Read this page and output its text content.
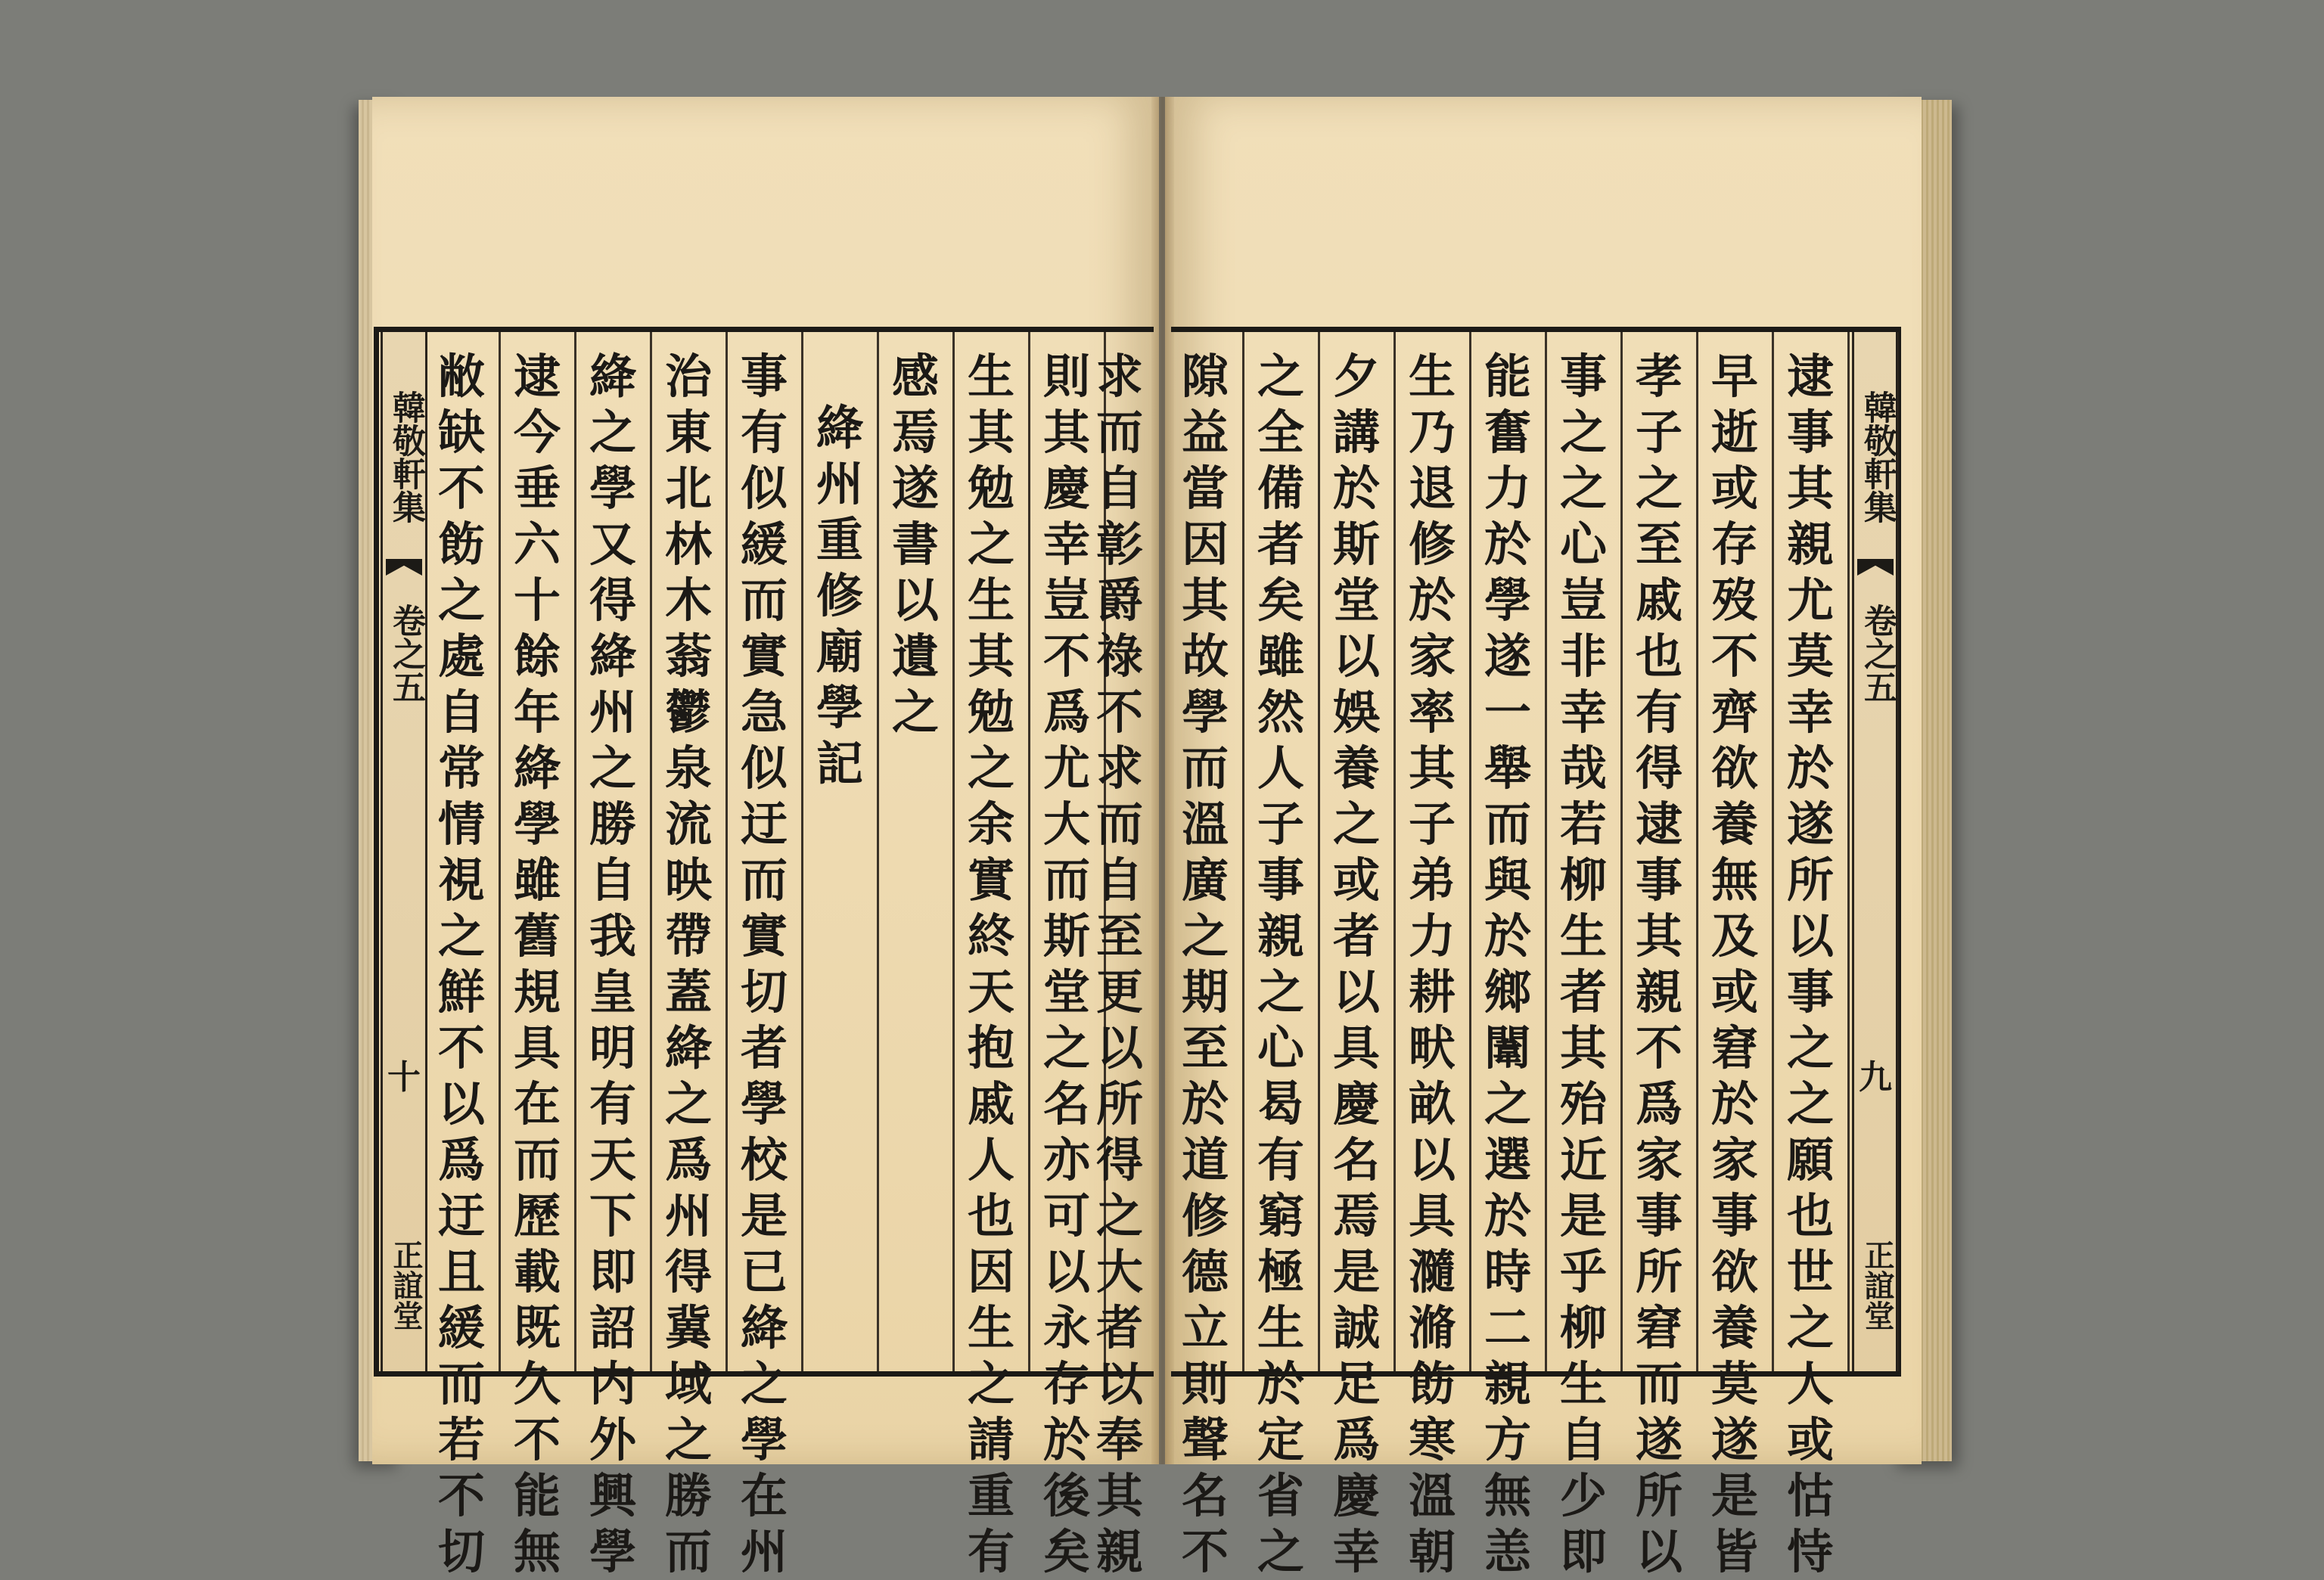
韓敬軒集
卷之五
十
正誼堂
敝
缺
不
飭
之
處
自
常
情
視
之
鮮
不
以
爲
迂
且
緩
而
若
不
切
逮
今
垂
六
十
餘
年
絳
學
雖
舊
規
具
在
而
歷
載
既
久
不
能
無
絳
之
學
又
得
絳
州
之
勝
自
我
皇
明
有
天
下
即
詔
内
外
興
學
治
東
北
林
木
蓊
鬱
泉
流
映
帶
蓋
絳
之
爲
州
得
冀
域
之
勝
而
事
有
似
緩
而
實
急
似
迂
而
實
切
者
學
校
是
已
絳
之
學
在
州
絳
州
重
修
廟
學
記
感
焉
遂
書
以
遺
之
生
其
勉
之
生
其
勉
之
余
實
終
天
抱
戚
人
也
因
生
之
請
重
有
則
其
慶
幸
豈
不
爲
尤
大
而
斯
堂
之
名
亦
可
以
永
存
於
後
矣
求
而
自
彰
爵
祿
不
求
而
自
至
更
以
所
得
之
大
者
以
奉
其
親
隙
益
當
因
其
故
學
而
溫
廣
之
期
至
於
道
修
德
立
則
聲
名
不
之
全
備
者
矣
雖
然
人
子
事
親
之
心
曷
有
窮
極
生
於
定
省
之
夕
講
於
斯
堂
以
娛
養
之
或
者
以
具
慶
名
焉
是
誠
足
爲
慶
幸
生
乃
退
修
於
家
率
其
子
弟
力
耕
畎
畝
以
具
瀡
滫
飭
寒
溫
朝
能
奮
力
於
學
遂
一
舉
而
與
於
鄉
闈
之
選
於
時
二
親
方
無
恙
事
之
之
心
豈
非
幸
哉
若
柳
生
者
其
殆
近
是
乎
柳
生
自
少
即
孝
子
之
至
戚
也
有
得
逮
事
其
親
不
爲
家
事
所
窘
而
遂
所
以
早
逝
或
存
歿
不
齊
欲
養
無
及
或
窘
於
家
事
欲
養
莫
遂
是
皆
逮
事
其
親
尤
莫
幸
於
遂
所
以
事
之
之
願
也
世
之
人
或
怙
恃
韓敬軒集
卷之五
九
正誼堂
